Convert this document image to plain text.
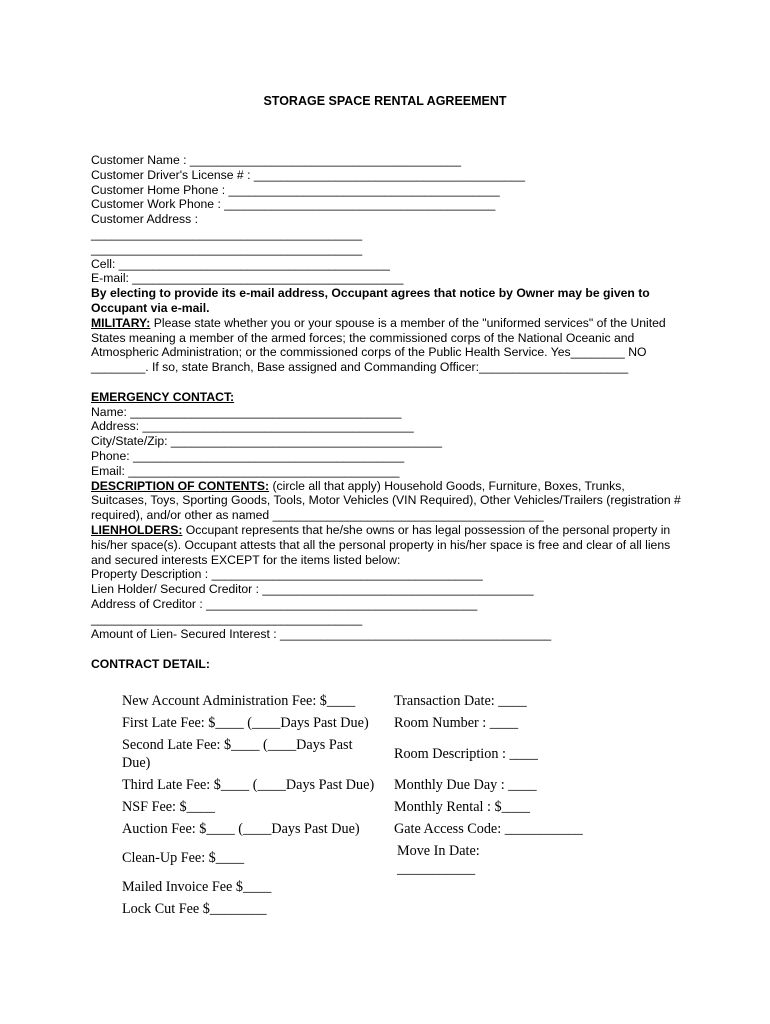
STORAGE SPACE RENTAL AGREEMENT

Customer Name : ________________________________________

Customer Driver's License # : ________________________________________

Customer Home Phone : ________________________________________

Customer Work Phone : ________________________________________

Customer Address :

________________________________________

________________________________________

Cell: ________________________________________

E-mail: ________________________________________

By electing to provide its e-mail address, Occupant agrees that notice by Owner may be given to Occupant via e-mail.

MILITARY: Please state whether you or your spouse is a member of the "uniformed services" of the United States meaning a member of the armed forces; the commissioned corps of the National Oceanic and Atmospheric Administration; or the commissioned corps of the Public Health Service. Yes________ NO ________. If so, state Branch, Base assigned and Commanding Officer:______________________

EMERGENCY CONTACT:

Name: ________________________________________

Address: ________________________________________

City/State/Zip: ________________________________________

Phone: ________________________________________

Email: ________________________________________

DESCRIPTION OF CONTENTS: (circle all that apply) Household Goods, Furniture, Boxes, Trunks, Suitcases, Toys, Sporting Goods, Tools, Motor Vehicles (VIN Required), Other Vehicles/Trailers (registration # required), and/or other as named ________________________________________

LIENHOLDERS: Occupant represents that he/she owns or has legal possession of the personal property in his/her space(s). Occupant attests that all the personal property in his/her space is free and clear of all liens and secured interests EXCEPT for the items listed below:

Property Description : ________________________________________

Lien Holder/ Secured Creditor : ________________________________________

Address of Creditor : ________________________________________

________________________________________

Amount of Lien- Secured Interest : ________________________________________

CONTRACT DETAIL:
New Account Administration Fee: $____
First Late Fee: $____ (____Days Past Due)
Second Late Fee: $____ (____Days Past Due)
Third Late Fee: $____ (____Days Past Due)
NSF Fee: $____
Auction Fee: $____ (____Days Past Due)
Clean-Up Fee: $____
Mailed Invoice Fee $____
Lock Cut Fee $________
Transaction Date: ____
Room Number : ____
Room Description : ____
Monthly Due Day : ____
Monthly Rental : $____
Gate Access Code: ___________
Move In Date: ___________
